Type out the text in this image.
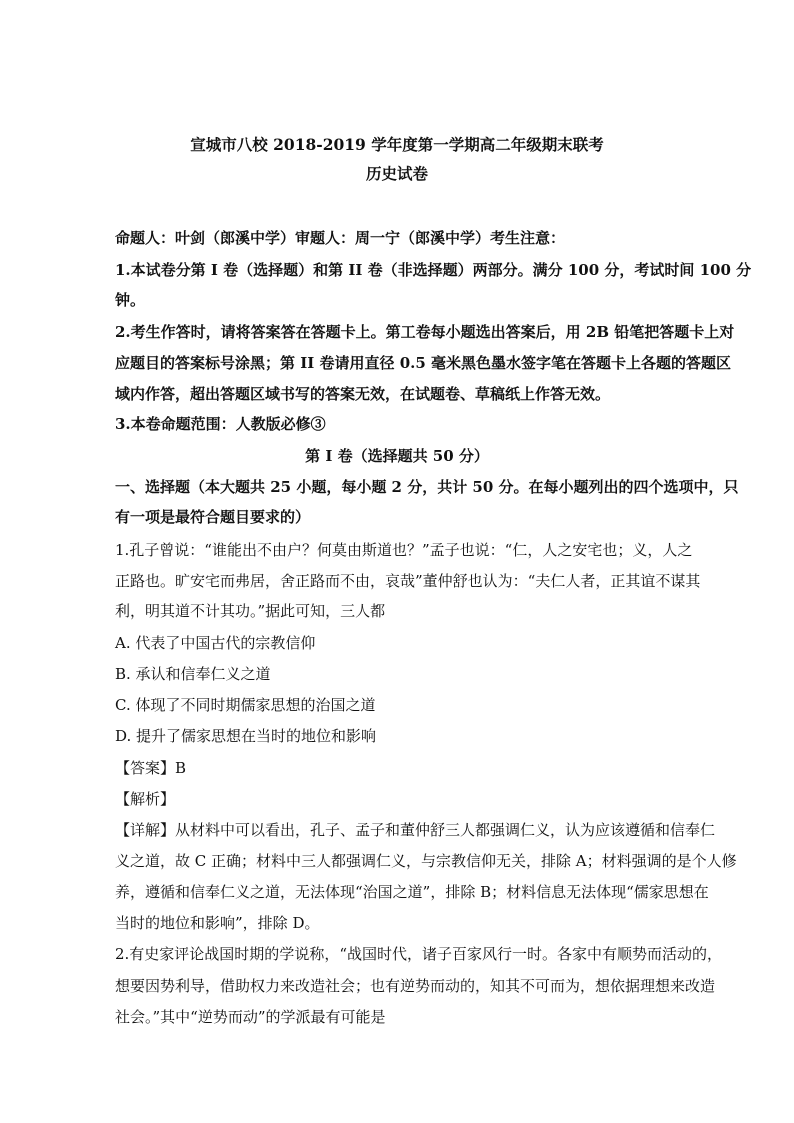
宣城市八校 2018-2019 学年度第一学期高二年级期末联考
历史试卷
命题人：叶剑（郎溪中学）审题人：周一宁（郎溪中学）考生注意：
1.本试卷分第 I 卷（选择题）和第 II 卷（非选择题）两部分。满分 100 分，考试时间 100 分
钟。
2.考生作答时，请将答案答在答题卡上。第工卷每小题选出答案后，用 2B 铅笔把答题卡上对
应题目的答案标号涂黑；第 II 卷请用直径 0.5 毫米黑色墨水签字笔在答题卡上各题的答题区
域内作答，超出答题区域书写的答案无效，在试题卷、草稿纸上作答无效。
3.本卷命题范围：人教版必修③
第 I 卷（选择题共 50 分）
一、选择题（本大题共 25 小题，每小题 2 分，共计 50 分。在每小题列出的四个选项中，只
有一项是最符合题目要求的）
1.孔子曾说：“谁能出不由户？何莫由斯道也？”孟子也说：“仁，人之安宅也；义，人之
正路也。旷安宅而弗居，舍正路而不由，哀哉”董仲舒也认为：“夫仁人者，正其谊不谋其
利，明其道不计其功。”据此可知，三人都
A. 代表了中国古代的宗教信仰
B. 承认和信奉仁义之道
C. 体现了不同时期儒家思想的治国之道
D. 提升了儒家思想在当时的地位和影响
【答案】B
【解析】
【详解】从材料中可以看出，孔子、孟子和董仲舒三人都强调仁义，认为应该遵循和信奉仁
义之道，故 C 正确；材料中三人都强调仁义，与宗教信仰无关，排除 A；材料强调的是个人修
养，遵循和信奉仁义之道，无法体现“治国之道”，排除 B；材料信息无法体现“儒家思想在
当时的地位和影响”，排除 D。
2.有史家评论战国时期的学说称，“战国时代，诸子百家风行一时。各家中有顺势而活动的，
想要因势利导，借助权力来改造社会；也有逆势而动的，知其不可而为，想依据理想来改造
社会。”其中“逆势而动”的学派最有可能是
